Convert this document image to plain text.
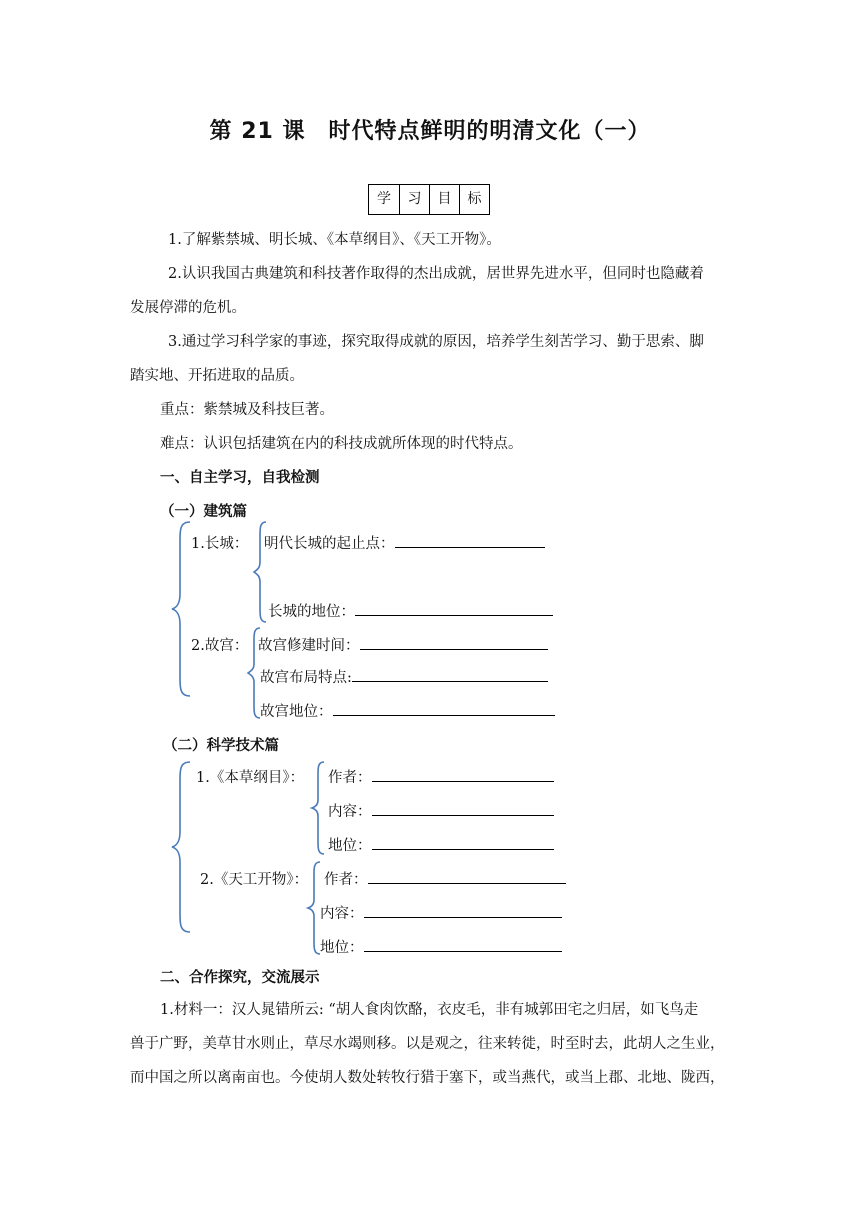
第 21 课　时代特点鲜明的明清文化（一）
学	习	目	标
1.了解紫禁城、明长城、《本草纲目》、《天工开物》。
2.认识我国古典建筑和科技著作取得的杰出成就，居世界先进水平，但同时也隐藏着
发展停滞的危机。
3.通过学习科学家的事迹，探究取得成就的原因，培养学生刻苦学习、勤于思索、脚
踏实地、开拓进取的品质。
重点：紫禁城及科技巨著。
难点：认识包括建筑在内的科技成就所体现的时代特点。
一、自主学习，自我检测
（一）建筑篇
1.长城： 明代长城的起止点：
长城的地位：
2.故宫： 故宫修建时间：
故宫布局特点:
故宫地位：
（二）科学技术篇
1.《本草纲目》： 作者：
内容：
地位：
2.《天工开物》： 作者：
内容：
地位：
二、合作探究，交流展示
1.材料一：汉人晁错所云: “胡人食肉饮酪，衣皮毛，非有城郭田宅之归居，如飞鸟走
兽于广野，美草甘水则止，草尽水竭则移。以是观之，往来转徙，时至时去，此胡人之生业，
而中国之所以离南亩也。今使胡人数处转牧行猎于塞下，或当燕代，或当上郡、北地、陇西，
